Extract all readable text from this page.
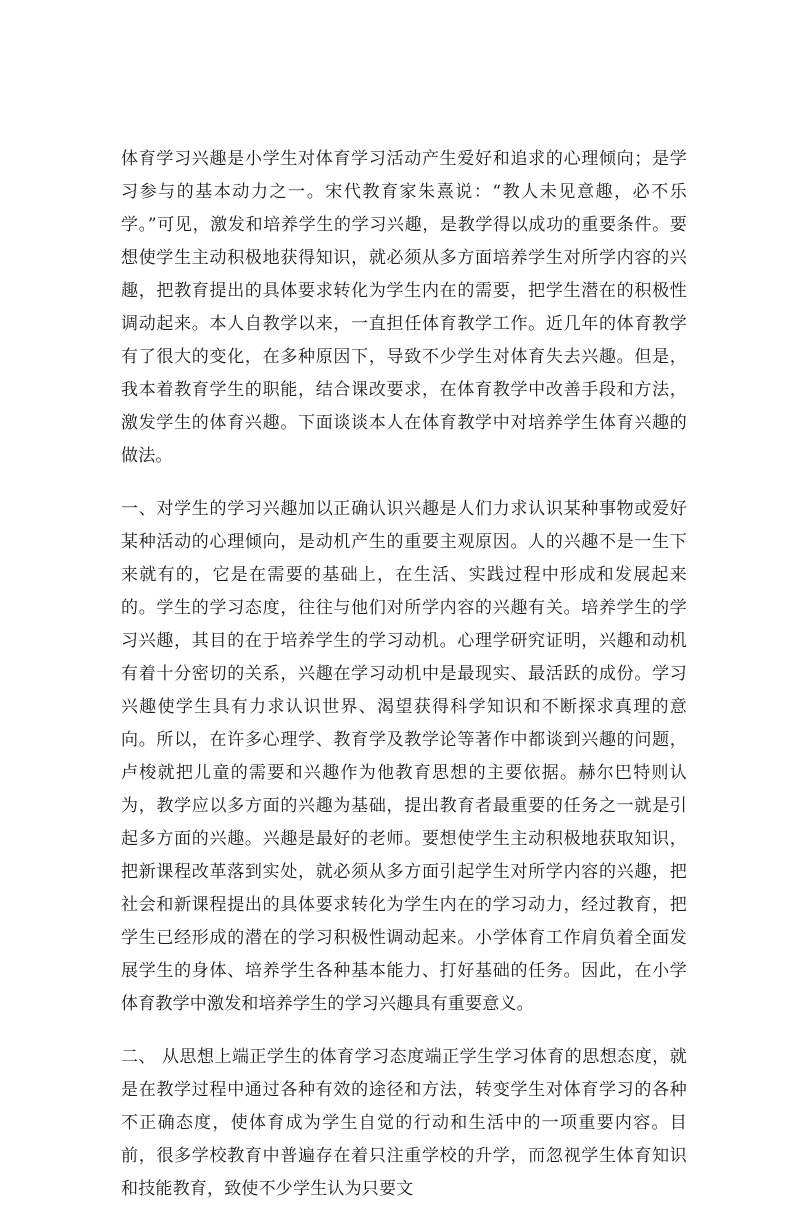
体育学习兴趣是小学生对体育学习活动产生爱好和追求的心理倾向；是学习参与的基本动力之一。宋代教育家朱熹说：“教人未见意趣，必不乐学。”可见，激发和培养学生的学习兴趣，是教学得以成功的重要条件。要想使学生主动积极地获得知识，就必须从多方面培养学生对所学内容的兴趣，把教育提出的具体要求转化为学生内在的需要，把学生潜在的积极性调动起来。本人自教学以来，一直担任体育教学工作。近几年的体育教学有了很大的变化，在多种原因下，导致不少学生对体育失去兴趣。但是，我本着教育学生的职能，结合课改要求，在体育教学中改善手段和方法，激发学生的体育兴趣。下面谈谈本人在体育教学中对培养学生体育兴趣的做法。

一、对学生的学习兴趣加以正确认识兴趣是人们力求认识某种事物或爱好某种活动的心理倾向，是动机产生的重要主观原因。人的兴趣不是一生下来就有的，它是在需要的基础上，在生活、实践过程中形成和发展起来的。学生的学习态度，往往与他们对所学内容的兴趣有关。培养学生的学习兴趣，其目的在于培养学生的学习动机。心理学研究证明，兴趣和动机有着十分密切的关系，兴趣在学习动机中是最现实、最活跃的成份。学习兴趣使学生具有力求认识世界、渴望获得科学知识和不断探求真理的意向。所以，在许多心理学、教育学及教学论等著作中都谈到兴趣的问题，卢梭就把儿童的需要和兴趣作为他教育思想的主要依据。赫尔巴特则认为，教学应以多方面的兴趣为基础，提出教育者最重要的任务之一就是引起多方面的兴趣。兴趣是最好的老师。要想使学生主动积极地获取知识，把新课程改革落到实处，就必须从多方面引起学生对所学内容的兴趣，把社会和新课程提出的具体要求转化为学生内在的学习动力，经过教育，把学生已经形成的潜在的学习积极性调动起来。小学体育工作肩负着全面发展学生的身体、培养学生各种基本能力、打好基础的任务。因此，在小学体育教学中激发和培养学生的学习兴趣具有重要意义。

二、 从思想上端正学生的体育学习态度端正学生学习体育的思想态度，就是在教学过程中通过各种有效的途径和方法，转变学生对体育学习的各种不正确态度，使体育成为学生自觉的行动和生活中的一项重要内容。目前，很多学校教育中普遍存在着只注重学校的升学，而忽视学生体育知识和技能教育，致使不少学生认为只要文
